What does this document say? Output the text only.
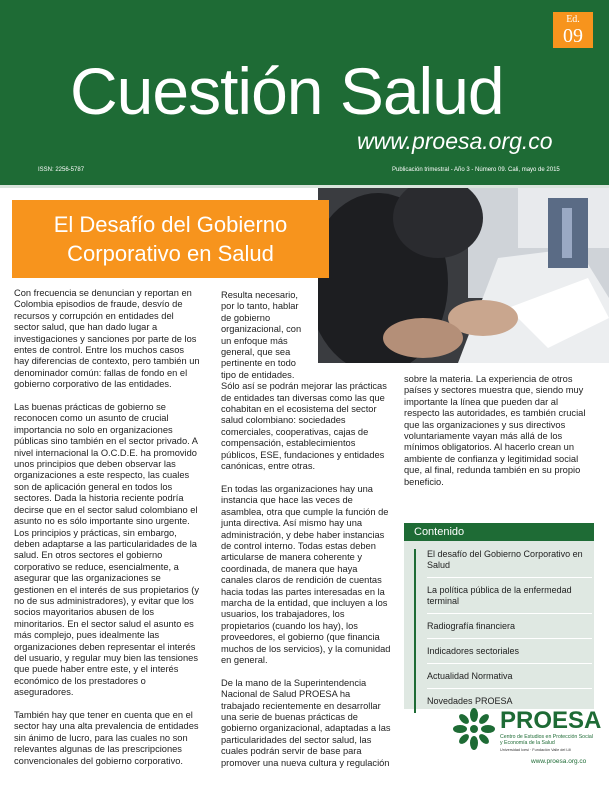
Ed.
09
Cuestión Salud
www.proesa.org.co
ISSN: 2256-5787	Publicación trimestral - Año 3 - Número 09. Cali, mayo de 2015
El Desafío del Gobierno Corporativo en Salud

Con frecuencia se denuncian y reportan en Colombia episodios de fraude, desvío de recursos y corrupción en entidades del sector salud, que han dado lugar a investigaciones y sanciones por parte de los entes de control. Entre los muchos casos hay diferencias de contexto, pero también un denominador común: fallas de fondo en el gobierno corporativo de las entidades.

Las buenas prácticas de gobierno se reconocen como un asunto de crucial importancia no solo en organizaciones públicas sino también en el sector privado. A nivel internacional la O.C.D.E. ha promovido unos principios que deben observar las organizaciones a este respecto, las cuales son de aplicación general en todos los sectores. Dada la historia reciente podría decirse que en el sector salud colombiano el asunto no es sólo importante sino urgente.
Los principios y prácticas, sin embargo, deben adaptarse a las particularidades de la salud. En otros sectores el gobierno corporativo se reduce, esencialmente, a asegurar que las organizaciones se gestionen en el interés de sus propietarios (y no de sus administradores), y evitar que los socios mayoritarios abusen de los minoritarios. En el sector salud el asunto es más complejo, pues idealmente las organizaciones deben representar el interés del usuario, y regular muy bien las tensiones que puede haber entre este, y el interés económico de los prestadores o aseguradores.

También hay que tener en cuenta que en el sector hay una alta prevalencia de entidades sin ánimo de lucro, para las cuales no son relevantes algunas de las prescripciones convencionales del gobierno corporativo.

Resulta necesario, por lo tanto, hablar de gobierno organizacional, con un enfoque más general, que sea pertinente en todo tipo de entidades.
Sólo así se podrán mejorar las prácticas de entidades tan diversas como las que cohabitan en el ecosistema del sector salud colombiano: sociedades comerciales, cooperativas, cajas de compensación, establecimientos públicos, ESE, fundaciones y entidades canónicas, entre otras.

En todas las organizaciones hay una instancia que hace las veces de asamblea, otra que cumple la función de junta directiva. Así mismo hay una administración, y debe haber instancias de control interno. Todas estas deben articularse de manera coherente y coordinada, de manera que haya canales claros de rendición de cuentas hacia todas las partes interesadas en la marcha de la entidad, que incluyen a los usuarios, los trabajadores, los propietarios (cuando los hay), los proveedores, el gobierno (que financia muchos de los servicios), y la comunidad en general.

De la mano de la Superintendencia Nacional de Salud PROESA ha trabajado recientemente en desarrollar una serie de buenas prácticas de gobierno organizacional, adaptadas a las particularidades del sector salud, las cuales podrán servir de base para promover una nueva cultura y regulación

sobre la materia. La experiencia de otros países y sectores muestra que, siendo muy importante la línea que pueden dar al respecto las autoridades, es también crucial que las organizaciones y sus directivos voluntariamente vayan más allá de los mínimos obligatorios. Al hacerlo crean un ambiente de confianza y legitimidad social que, al final, redunda también en su propio beneficio.

Contenido
El desafío del Gobierno Corporativo en Salud
La política pública de la enfermedad terminal
Radiografía financiera
Indicadores sectoriales
Actualidad Normativa
Novedades PROESA
PROESA
Centro de Estudios en Protección Social y Economía de la Salud
Universidad Icesi · Fundación Valle del Lili
www.proesa.org.co
